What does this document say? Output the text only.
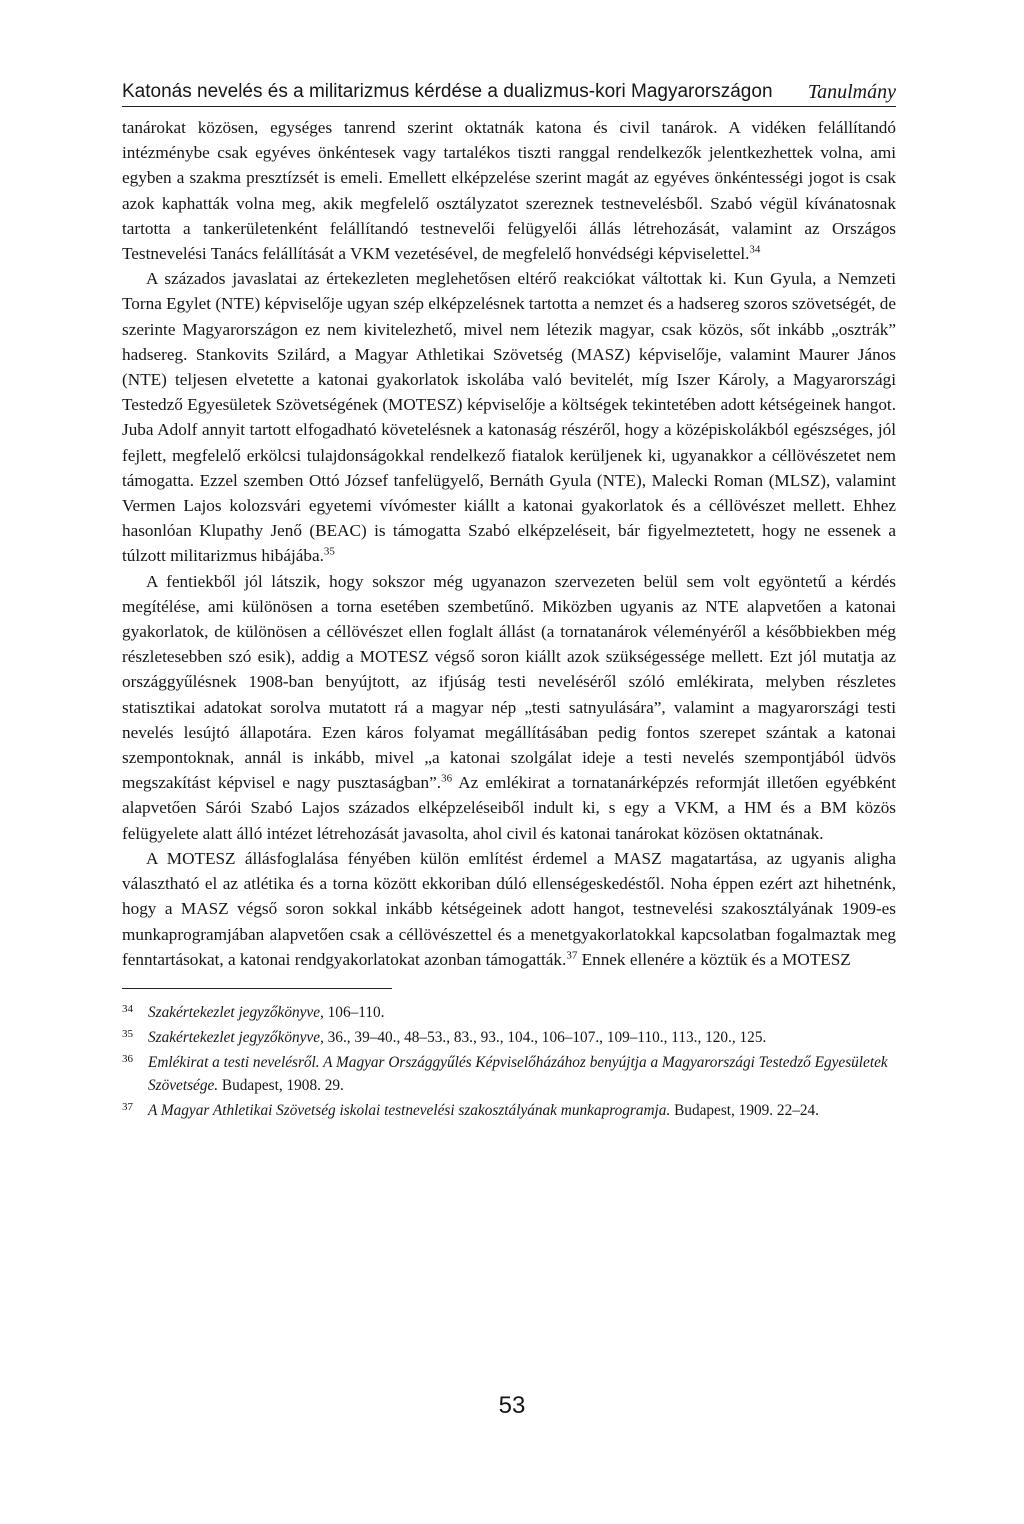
Katonás nevelés és a militarizmus kérdése a dualizmus-kori Magyarországon Tanulmány

tanárokat közösen, egységes tanrend szerint oktatnák katona és civil tanárok. A vidéken felállítandó intézménybe csak egyéves önkéntesek vagy tartalékos tiszti ranggal rendelkezők jelentkezhettek volna, ami egyben a szakma presztízsét is emeli. Emellett elképzelése szerint magát az egyéves önkéntességi jogot is csak azok kaphatták volna meg, akik megfelelő osztályzatot szereznek testnevelésből. Szabó végül kívánatosnak tartotta a tankerületenként felállítandó testnevelői felügyelői állás létrehozását, valamint az Országos Testnevelési Tanács felállítását a VKM vezetésével, de megfelelő honvédségi képviselettel.$^{34}$

A százados javaslatai az értekezleten meglehetősen eltérő reakciókat váltottak ki. Kun Gyula, a Nemzeti Torna Egylet (NTE) képviselője ugyan szép elképzelésnek tartotta a nemzet és a hadsereg szoros szövetségét, de szerinte Magyarországon ez nem kivitelezhető, mivel nem létezik magyar, csak közös, sőt inkább „osztrák” hadsereg. Stankovits Szilárd, a Magyar Athletikai Szövetség (MASZ) képviselője, valamint Maurer János (NTE) teljesen elvetette a katonai gyakorlatok iskolába való bevitelét, míg Iszer Károly, a Magyarországi Testedző Egyesületek Szövetségének (MOTESZ) képviselője a költségek tekintetében adott kétségeinek hangot. Juba Adolf annyit tartott elfogadható követelésnek a katonaság részéről, hogy a középiskolákból egészséges, jól fejlett, megfelelő erkölcsi tulajdonságokkal rendelkező fiatalok kerüljenek ki, ugyanakkor a céllövészetet nem támogatta. Ezzel szemben Ottó József tanfelügyelő, Bernáth Gyula (NTE), Malecki Roman (MLSZ), valamint Vermen Lajos kolozsvári egyetemi vívómester kiállt a katonai gyakorlatok és a céllövészet mellett. Ehhez hasonlóan Klupathy Jenő (BEAC) is támogatta Szabó elképzeléseit, bár figyelmeztetett, hogy ne essenek a túlzott militarizmus hibájába.$^{35}$

A fentiekből jól látszik, hogy sokszor még ugyanazon szervezeten belül sem volt egyöntetű a kérdés megítélése, ami különösen a torna esetében szembetűnő. Miközben ugyanis az NTE alapvetően a katonai gyakorlatok, de különösen a céllövészet ellen foglalt állást (a tornatanárok véleményéről a későbbiekben még részletesebben szó esik), addig a MOTESZ végső soron kiállt azok szükségessége mellett. Ezt jól mutatja az országgyűlésnek 1908-ban benyújtott, az ifjúság testi neveléséről szóló emlékirata, melyben részletes statisztikai adatokat sorolva mutatott rá a magyar nép „testi satnyulására”, valamint a magyarországi testi nevelés lesújtó állapotára. Ezen káros folyamat megállításában pedig fontos szerepet szántak a katonai szempontoknak, annál is inkább, mivel „a katonai szolgálat ideje a testi nevelés szempontjából üdvös megszakítást képvisel e nagy pusztaságban”.$^{36}$ Az emlékirat a tornatanárképzés reformját illetően egyébként alapvetően Sárói Szabó Lajos százados elképzeléseiből indult ki, s egy a VKM, a HM és a BM közös felügyelete alatt álló intézet létrehozását javasolta, ahol civil és katonai tanárokat közösen oktatnának.

A MOTESZ állásfoglalása fényében külön említést érdemel a MASZ magatartása, az ugyanis aligha választható el az atlétika és a torna között ekkoriban dúló ellenségeskedéstől. Noha éppen ezért azt hihetnénk, hogy a MASZ végső soron sokkal inkább kétségeinek adott hangot, testnevelési szakosztályának 1909-es munkaprogramjában alapvetően csak a céllövészettel és a menetgyakorlatokkal kapcsolatban fogalmaztak meg fenntartásokat, a katonai rendgyakorlatokat azonban támogatták.$^{37}$ Ennek ellenére a köztük és a MOTESZ

34 Szakértekezlet jegyzőkönyve, 106–110.
35 Szakértekezlet jegyzőkönyve, 36., 39–40., 48–53., 83., 93., 104., 106–107., 109–110., 113., 120., 125.
36 Emlékirat a testi nevelésről. A Magyar Országgyűlés Képviselőházához benyújtja a Magyarországi Testedző Egyesületek Szövetsége. Budapest, 1908. 29.
37 A Magyar Athletikai Szövetség iskolai testnevelési szakosztályának munkaprogramja. Budapest, 1909. 22–24.
53
